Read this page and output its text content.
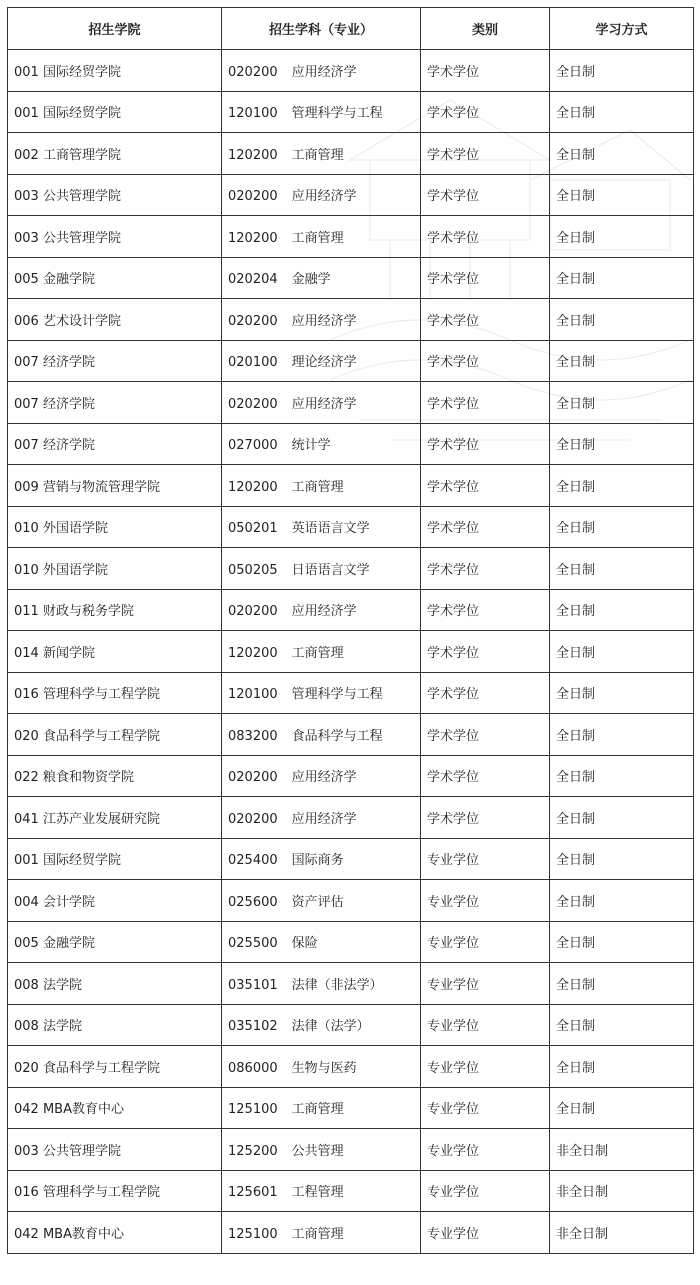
招生学院	招生学科（专业）	类别	学习方式
001 国际经贸学院	020200 应用经济学	学术学位	全日制
001 国际经贸学院	120100 管理科学与工程	学术学位	全日制
002 工商管理学院	120200 工商管理	学术学位	全日制
003 公共管理学院	020200 应用经济学	学术学位	全日制
003 公共管理学院	120200 工商管理	学术学位	全日制
005 金融学院	020204 金融学	学术学位	全日制
006 艺术设计学院	020200 应用经济学	学术学位	全日制
007 经济学院	020100 理论经济学	学术学位	全日制
007 经济学院	020200 应用经济学	学术学位	全日制
007 经济学院	027000 统计学	学术学位	全日制
009 营销与物流管理学院	120200 工商管理	学术学位	全日制
010 外国语学院	050201 英语语言文学	学术学位	全日制
010 外国语学院	050205 日语语言文学	学术学位	全日制
011 财政与税务学院	020200 应用经济学	学术学位	全日制
014 新闻学院	120200 工商管理	学术学位	全日制
016 管理科学与工程学院	120100 管理科学与工程	学术学位	全日制
020 食品科学与工程学院	083200 食品科学与工程	学术学位	全日制
022 粮食和物资学院	020200 应用经济学	学术学位	全日制
041 江苏产业发展研究院	020200 应用经济学	学术学位	全日制
001 国际经贸学院	025400 国际商务	专业学位	全日制
004 会计学院	025600 资产评估	专业学位	全日制
005 金融学院	025500 保险	专业学位	全日制
008 法学院	035101 法律（非法学）	专业学位	全日制
008 法学院	035102 法律（法学）	专业学位	全日制
020 食品科学与工程学院	086000 生物与医药	专业学位	全日制
042 MBA教育中心	125100 工商管理	专业学位	全日制
003 公共管理学院	125200 公共管理	专业学位	非全日制
016 管理科学与工程学院	125601 工程管理	专业学位	非全日制
042 MBA教育中心	125100 工商管理	专业学位	非全日制
